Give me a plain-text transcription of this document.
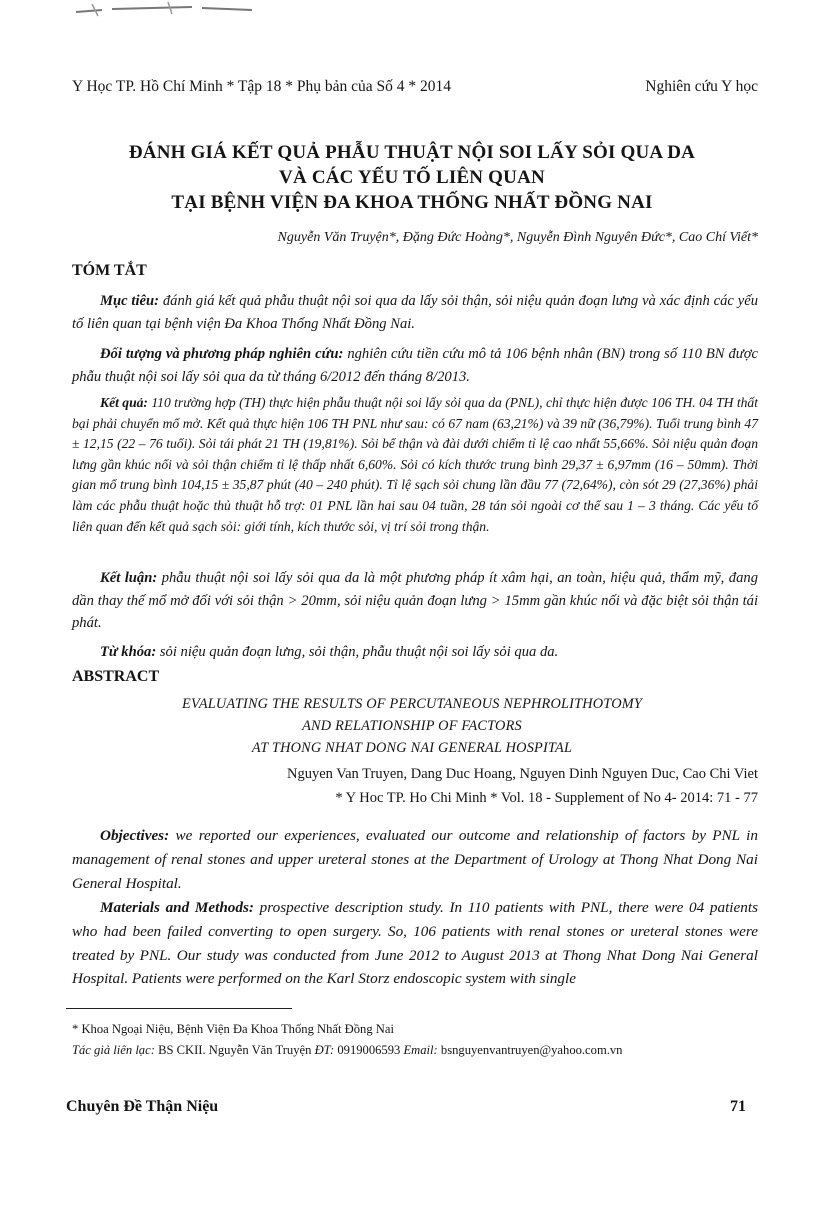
Y Học TP. Hồ Chí Minh * Tập 18 * Phụ bản của Số 4 * 2014	Nghiên cứu Y học
ĐÁNH GIÁ KẾT QUẢ PHẪU THUẬT NỘI SOI LẤY SỎI QUA DA
VÀ CÁC YẾU TỐ LIÊN QUAN
TẠI BỆNH VIỆN ĐA KHOA THỐNG NHẤT ĐỒNG NAI
Nguyễn Văn Truyện*, Đặng Đức Hoàng*, Nguyễn Đình Nguyên Đức*, Cao Chí Viết*
TÓM TẮT

Mục tiêu: đánh giá kết quả phẫu thuật nội soi qua da lấy sỏi thận, sỏi niệu quản đoạn lưng và xác định các yếu tố liên quan tại bệnh viện Đa Khoa Thống Nhất Đồng Nai.

Đối tượng và phương pháp nghiên cứu: nghiên cứu tiền cứu mô tả 106 bệnh nhân (BN) trong số 110 BN được phẫu thuật nội soi lấy sỏi qua da từ tháng 6/2012 đến tháng 8/2013.

Kết quả: 110 trường hợp (TH) thực hiện phẫu thuật nội soi lấy sỏi qua da (PNL), chỉ thực hiện được 106 TH. 04 TH thất bại phải chuyển mổ mở. Kết quả thực hiện 106 TH PNL như sau: có 67 nam (63,21%) và 39 nữ (36,79%). Tuổi trung bình 47 ± 12,15 (22 – 76 tuổi). Sỏi tái phát 21 TH (19,81%). Sỏi bể thận và đài dưới chiếm tỉ lệ cao nhất 55,66%. Sỏi niệu quản đoạn lưng gần khúc nối và sỏi thận chiếm tỉ lệ thấp nhất 6,60%. Sỏi có kích thước trung bình 29,37 ± 6,97mm (16 – 50mm). Thời gian mổ trung bình 104,15 ± 35,87 phút (40 – 240 phút). Tỉ lệ sạch sỏi chung lần đầu 77 (72,64%), còn sót 29 (27,36%) phải làm các phẫu thuật hoặc thủ thuật hỗ trợ: 01 PNL lần hai sau 04 tuần, 28 tán sỏi ngoài cơ thể sau 1 – 3 tháng. Các yếu tố liên quan đến kết quả sạch sỏi: giới tính, kích thước sỏi, vị trí sỏi trong thận.

Kết luận: phẫu thuật nội soi lấy sỏi qua da là một phương pháp ít xâm hại, an toàn, hiệu quả, thẩm mỹ, đang dần thay thế mổ mở đối với sỏi thận > 20mm, sỏi niệu quản đoạn lưng > 15mm gần khúc nối và đặc biệt sỏi thận tái phát.

Từ khóa: sỏi niệu quản đoạn lưng, sỏi thận, phẫu thuật nội soi lấy sỏi qua da.

ABSTRACT
EVALUATING THE RESULTS OF PERCUTANEOUS NEPHROLITHOTOMY
AND RELATIONSHIP OF FACTORS
AT THONG NHAT DONG NAI GENERAL HOSPITAL
Nguyen Van Truyen, Dang Duc Hoang, Nguyen Dinh Nguyen Duc, Cao Chi Viet
* Y Hoc TP. Ho Chi Minh * Vol. 18 - Supplement of No 4- 2014: 71 - 77

Objectives: we reported our experiences, evaluated our outcome and relationship of factors by PNL in management of renal stones and upper ureteral stones at the Department of Urology at Thong Nhat Dong Nai General Hospital.

Materials and Methods: prospective description study. In 110 patients with PNL, there were 04 patients who had been failed converting to open surgery. So, 106 patients with renal stones or ureteral stones were treated by PNL. Our study was conducted from June 2012 to August 2013 at Thong Nhat Dong Nai General Hospital. Patients were performed on the Karl Storz endoscopic system with single

* Khoa Ngoại Niệu, Bệnh Viện Đa Khoa Thống Nhất Đồng Nai
Tác giả liên lạc: BS CKII. Nguyễn Văn Truyện ĐT: 0919006593 Email: bsnguyenvantruyen@yahoo.com.vn
Chuyên Đề Thận Niệu	71
